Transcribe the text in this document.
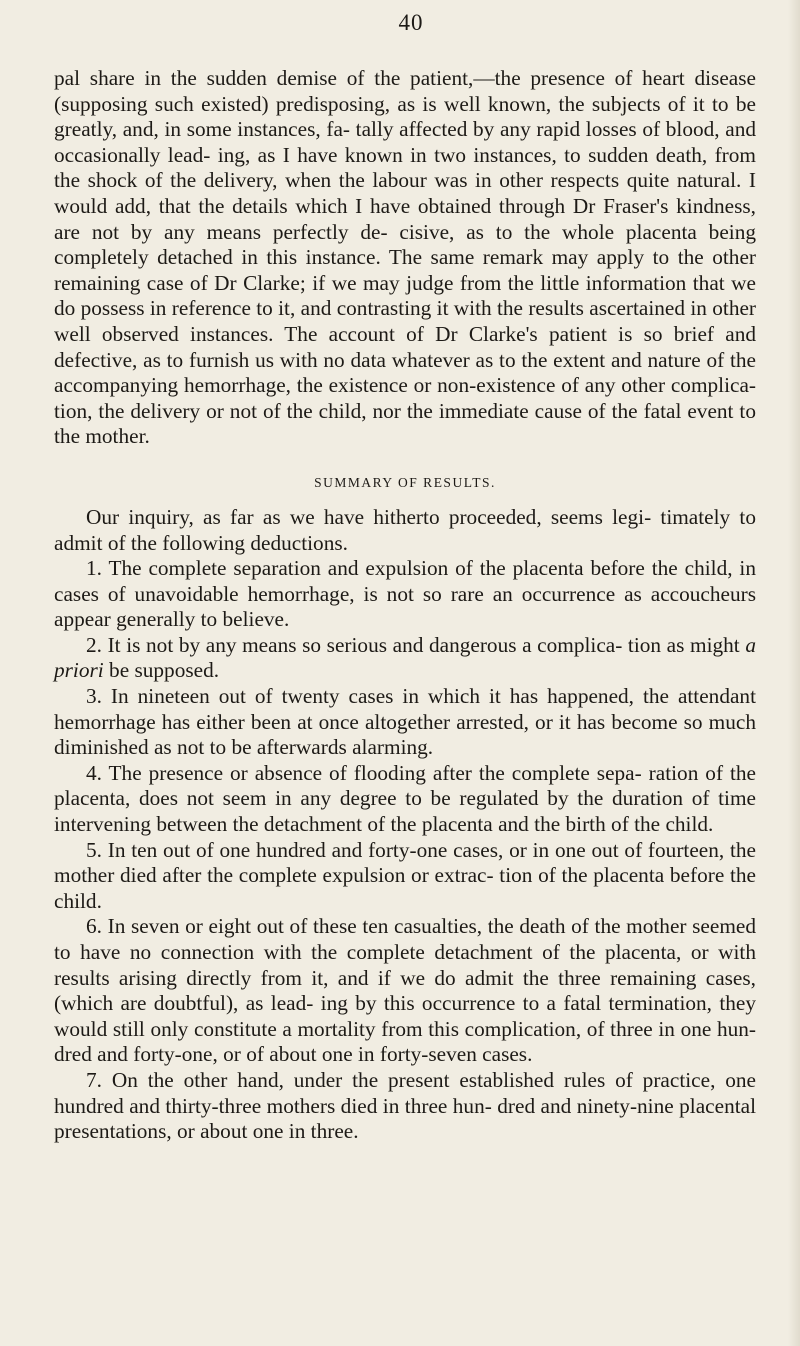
40

pal share in the sudden demise of the patient,—the presence of heart disease (supposing such existed) predisposing, as is well known, the subjects of it to be greatly, and, in some instances, fa- tally affected by any rapid losses of blood, and occasionally lead- ing, as I have known in two instances, to sudden death, from the shock of the delivery, when the labour was in other respects quite natural. I would add, that the details which I have obtained through Dr Fraser's kindness, are not by any means perfectly de- cisive, as to the whole placenta being completely detached in this instance. The same remark may apply to the other remaining case of Dr Clarke; if we may judge from the little information that we do possess in reference to it, and contrasting it with the results ascertained in other well observed instances. The account of Dr Clarke's patient is so brief and defective, as to furnish us with no data whatever as to the extent and nature of the accompanying hemorrhage, the existence or non-existence of any other complica- tion, the delivery or not of the child, nor the immediate cause of the fatal event to the mother.

SUMMARY OF RESULTS.

Our inquiry, as far as we have hitherto proceeded, seems legi- timately to admit of the following deductions.

1. The complete separation and expulsion of the placenta before the child, in cases of unavoidable hemorrhage, is not so rare an occurrence as accoucheurs appear generally to believe.

2. It is not by any means so serious and dangerous a complica- tion as might a priori be supposed.

3. In nineteen out of twenty cases in which it has happened, the attendant hemorrhage has either been at once altogether arrested, or it has become so much diminished as not to be afterwards alarming.

4. The presence or absence of flooding after the complete sepa- ration of the placenta, does not seem in any degree to be regulated by the duration of time intervening between the detachment of the placenta and the birth of the child.

5. In ten out of one hundred and forty-one cases, or in one out of fourteen, the mother died after the complete expulsion or extrac- tion of the placenta before the child.

6. In seven or eight out of these ten casualties, the death of the mother seemed to have no connection with the complete detachment of the placenta, or with results arising directly from it, and if we do admit the three remaining cases, (which are doubtful), as lead- ing by this occurrence to a fatal termination, they would still only constitute a mortality from this complication, of three in one hun- dred and forty-one, or of about one in forty-seven cases.

7. On the other hand, under the present established rules of practice, one hundred and thirty-three mothers died in three hun- dred and ninety-nine placental presentations, or about one in three.
